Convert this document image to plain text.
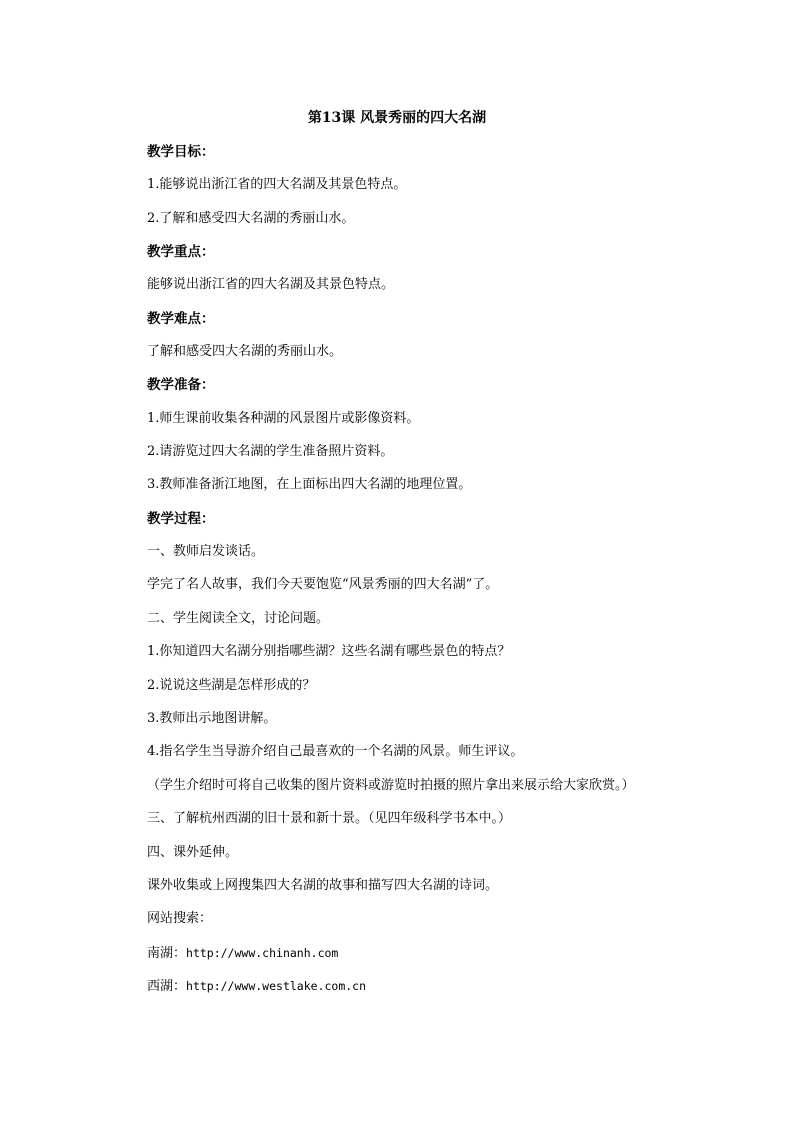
第13课 风景秀丽的四大名湖
教学目标：
1.能够说出浙江省的四大名湖及其景色特点。
2.了解和感受四大名湖的秀丽山水。
教学重点：
能够说出浙江省的四大名湖及其景色特点。
教学难点：
了解和感受四大名湖的秀丽山水。
教学准备：
1.师生课前收集各种湖的风景图片或影像资料。
2.请游览过四大名湖的学生准备照片资料。
3.教师准备浙江地图，在上面标出四大名湖的地理位置。
教学过程：
一、教师启发谈话。
学完了名人故事，我们今天要饱览“风景秀丽的四大名湖”了。
二、学生阅读全文，讨论问题。
1.你知道四大名湖分别指哪些湖？这些名湖有哪些景色的特点？
2.说说这些湖是怎样形成的？
3.教师出示地图讲解。
4.指名学生当导游介绍自己最喜欢的一个名湖的风景。师生评议。
（学生介绍时可将自己收集的图片资料或游览时拍摄的照片拿出来展示给大家欣赏。）
三、了解杭州西湖的旧十景和新十景。（见四年级科学书本中。）
四、课外延伸。
课外收集或上网搜集四大名湖的故事和描写四大名湖的诗词。
网站搜索：
南湖：http://www.chinanh.com
西湖：http://www.westlake.com.cn
